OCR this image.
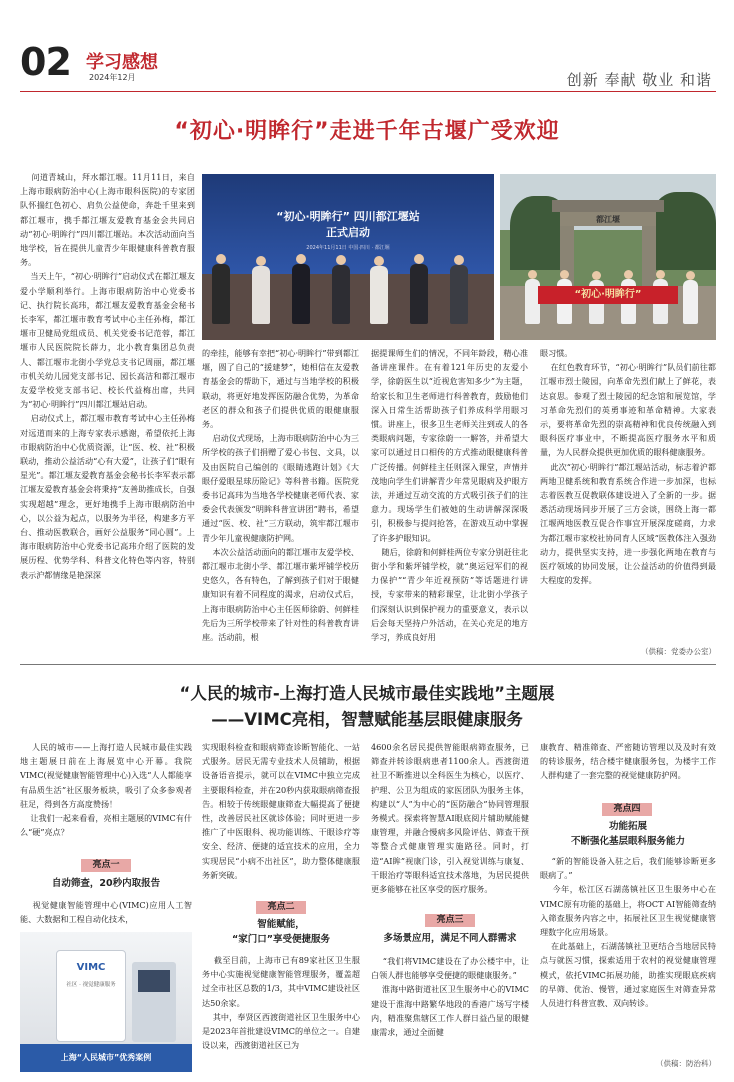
02 学习感想
2024年12月	创新 奉献 敬业 和谐
“初心·明眸行”走进千年古堰广受欢迎
问道青城山，拜水都江堰。11月11日，来自上海市眼病防治中心(上海市眼科医院)的专家团队怀揣红色初心、肩负公益使命，奔赴千里来到都江堰市，携手都江堰友爱教育基金会共同启动“初心·明眸行”四川都江堰站。本次活动面向当地学校，旨在提供儿童青少年眼健康科普教育服务。
当天上午，“初心·明眸行”启动仪式在都江堰友爱小学顺利举行。上海市眼病防治中心党委书记、执行院长高玮，都江堰友爱教育基金会秘书长李军，都江堰市教育考试中心主任孙梅，都江堰市卫健局党组成员、机关党委书记范蓉，都江堰市人民医院院长薛力，北小教育集团总负责人、都江堰市北街小学党总支书记周丽，都江堰市机关幼儿园党支部书记、园长高洁和都江堰市友爱学校党支部书记、校长代益梅出席，共同为“初心·明眸行”四川都江堰站启动。
启动仪式上，都江堰市教育考试中心主任孙梅对远道而来的上海专家表示感谢，希望依托上海市眼病防治中心优质资源，让“医、校、社”积极联动，推动公益活动“心有大爱”，让孩子们“眼有星光”。都江堰友爱教育基金会秘书长李军表示都江堰友爱教育基金会将秉持“友善助推成长，自强实现超越”理念，更好地携手上海市眼病防治中心，以公益为起点，以服务为半径，构建多方平台、推动医教联合，画好公益服务“同心圆”。上海市眼病防治中心党委书记高玮介绍了医院的发展历程、优势学科、科普文化特色等内容，特别表示沪都情缘是艳深深
“初心·明眸行” 四川都江堰站
正式启动
2024年11月11日 中国·四川 · 都江堰
都江堰
“初心·明眸行”
的牵挂，能够有幸把“初心·明眸行”带到都江堰，圆了自己的“援建梦”，她相信在友爱教育基金会的帮助下，通过与当地学校的积极联动，将更好地发挥医防融合优势，为革命老区的群众和孩子们提供优质的眼健康服务。
启动仪式现场，上海市眼病防治中心为三所学校的孩子们捐赠了爱心书包、文具，以及由医院自己编创的《眼睛逃跑计划》《大眼仔爱眼星球历险记》等科普书籍。医院党委书记高玮为当地各学校健康老师代表、家委会代表颁发“明眸科普宣讲团”聘书，希望通过“医、校、社”三方联动，筑牢都江堰市青少年儿童视健康防护网。
本次公益活动面向的都江堰市友爱学校、都江堰市北街小学、都江堰市紫坪铺学校历史悠久，各有特色，了解到孩子们对于眼健康知识有着不同程度的渴求，启动仪式后，上海市眼病防治中心主任医师徐蔚、何鲜桂先后为三所学校带来了针对性的科普教育讲座。活动前，根
据提课师生们的情况，不同年龄段，精心准备讲座课件。在有着121年历史的友爱小学，徐蔚医生以“近视危害知多少”为主题，给家长和卫生老师进行科普教育，鼓励他们深入日常生活帮助孩子们养成科学用眼习惯。讲座上，很多卫生老师关注到或人的各类眼病问题，专家徐蔚一一解答，并希望大家可以通过日口相传的方式推动眼健康科普广泛传播。何鲜桂主任则深入课堂，声情并茂地向学生们讲解青少年常见眼病及护眼方法，并通过互动交流的方式吸引孩子们的注意力。现场学生们被她的生动讲解深深吸引，积极参与提问抢答，在游戏互动中掌握了许多护眼知识。
随后，徐蔚和何鲜桂两位专家分别赶往北街小学和紫坪铺学校，就“奥运冠军们的视力保护”“青少年近视预防”等话题进行讲授，专家带来的精彩课堂，让北街小学孩子们深刻认识到保护视力的重要意义，表示以后会每天坚持户外活动，在关心充足的地方学习，养成良好用
眼习惯。
在红色教育环节，“初心·明眸行”队员们前往都江堰市烈士陵园，向革命先烈们献上了鲜花，表达哀思。参观了烈士陵园的纪念馆和展览馆，学习革命先烈们的英勇事迹和革命精神。大家表示，要将革命先烈的崇高精神和优良传统融入到眼科医疗事业中，不断提高医疗服务水平和质量，为人民群众提供更加优质的眼科健康服务。
此次“初心·明眸行”都江堰站活动，标志着沪都两地卫健系统和教育系统合作进一步加深，也标志着医教互促教联体建设进入了全新的一步。据悉活动现场同步开展了三方会谈，围绕上海一都江堰两地医教互促合作事宜开展深度磋商，力求为都江堰市家校社协同育人区域“医教体注入强劲动力，提供坚实支持，进一步强化两地在教育与医疗领域的协同发展，让公益活动的价值得到最大程度的发挥。
（供稿：党委办公室）
“人民的城市-上海打造人民城市最佳实践地”主题展
——VIMC亮相，智慧赋能基层眼健康服务
人民的城市——上海打造人民城市最佳实践地主题展日前在上海展览中心开幕。我院VIMC(视觉健康智能管理中心)入选“人人都能享有品质生活”社区服务板块，吸引了众多参观者驻足，得到各方高度赞扬！
让我们一起来看看，亮相主题展的VIMC有什么“硬”亮点？
亮点一
自动筛查，20秒内取报告
视觉健康智能管理中心(VIMC)应用人工智能、大数据和工程自动化技术，
VIMC
社区 · 视觉健康服务
上海“人民城市”优秀案例
实现眼科检查和眼病筛查诊断智能化、一站式服务。居民无需专业技术人员辅助，根据设备语音提示，就可以在VIMC中独立完成主要眼科检查，并在20秒内获取眼病筛查报告。相较于传统眼健康筛查大幅提高了便捷性，改善居民社区就诊体验；同时更进一步推广了中医眼科、视功能训练、干眼诊疗等安全、经济、便捷的适宜技术的应用，全力实现居民“小病不出社区”，助力整体健康服务新突破。
亮点二
智能赋能，
“家门口”享受便捷服务
截至目前，上海市已有89家社区卫生服务中心实施视觉健康智能管理服务，覆盖超过全市社区总数的1/3，其中VIMC建设社区达50余家。
其中，奉贤区西渡街道社区卫生服务中心是2023年首批建设VIMC的单位之一。自建设以来，西渡街道社区已为
4600余名居民提供智能眼病筛查服务，已筛查并转诊眼病患者1100余人。西渡街道社卫不断推进以全科医生为核心，以医疗、护理、公卫为组成的家医团队为服务主体，构建以“人”为中心的“医防融合”协同管理服务模式。探索将智慧AI眼底阅片辅助赋能健康管理，并融合慢病多风险评估、筛查干预等整合式健康管理实施路径。同时，打造“AI眸”视康门诊，引入视觉训练与康复、干眼治疗等眼科适宜技术落地，为居民提供更多能够在社区享受的医疗服务。
亮点三
多场景应用，满足不同人群需求
“我们将VIMC建设在了办公楼宇中，让白领人群也能够享受便捷的眼健康服务。”
淮海中路街道社区卫生服务中心的VIMC建设于淮海中路繁华地段的香港广场写字楼内，精准聚焦辖区工作人群日益凸显的眼健康需求，通过全面健
康教育、精准筛查、严密随访管理以及及时有效的转诊服务，结合楼宇健康服务包，为楼宇工作人群构建了一套完整的视觉健康防护网。
亮点四
功能拓展
不断强化基层眼科服务能力
“新的智能设备入驻之后，我们能够诊断更多眼病了。”
今年，松江区石湖荡镇社区卫生服务中心在VIMC原有功能的基础上，将OCT AI智能筛查纳入筛查服务内容之中，拓展社区卫生视觉健康管理数字化应用场景。
在此基础上，石湖荡镇社卫更结合当地居民特点与就医习惯，探索适用于农村的视觉健康管理模式，依托VIMC拓展功能，助推实现眼底疾病的早筛、优治、慢管，通过家庭医生对筛查异常人员进行科普宣教、双向转诊。
（供稿：防治科）
